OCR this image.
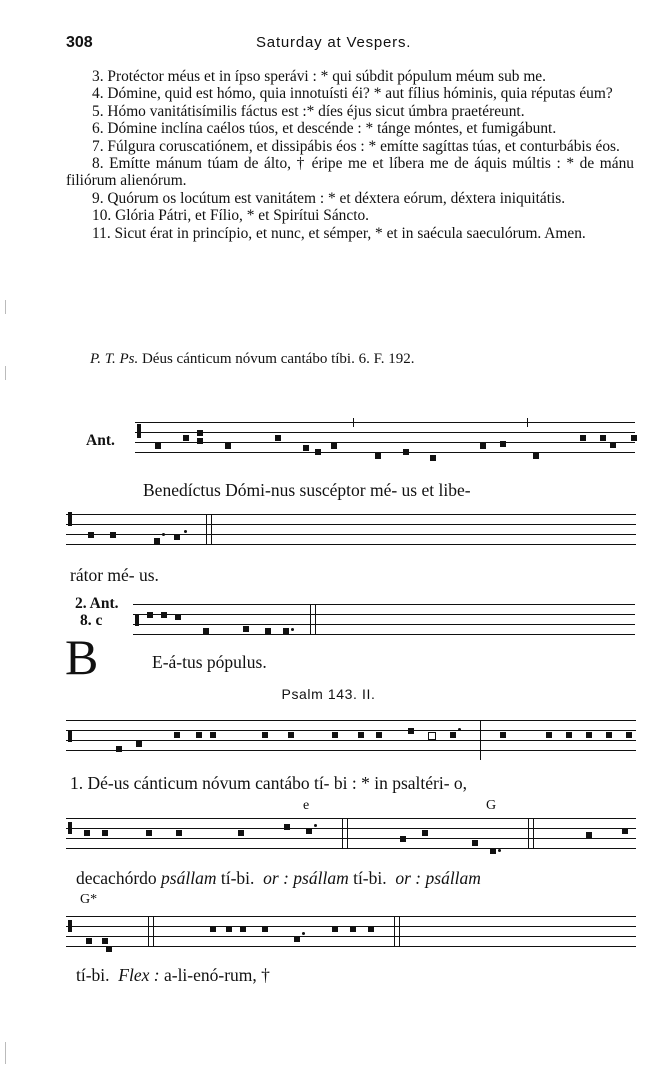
308	Saturday at Vespers.
3. Protéctor méus et in ípso sperávi : * qui súbdit pópulum méum sub me.
4. Dómine, quid est hómo, quia innotuísti éi? * aut fílius hóminis, quia réputas éum?
5. Hómo vanitátisímilis fáctus est :* díes éjus sicut úmbra praetéreunt.
6. Dómine inclína caélos túos, et descénde : * tánge móntes, et fumigábunt.
7. Fúlgura coruscatiónem, et dissipábis éos : * emítte sagíttas túas, et conturbábis éos.
8. Emítte mánum túam de álto, † éripe me et líbera me de áquis múltis : * de mánu filiórum alienórum.
9. Quórum os locútum est vanitátem : * et déxtera eórum, déxtera iniquitátis.
10. Glória Pátri, et Fílio, * et Spirítui Sáncto.
11. Sicut érat in princípio, et nunc, et sémper, * et in saécula saeculórum. Amen.
P. T. Ps. Déus cánticum nóvum cantábo tíbi. 6. F. 192.
Ant.
Benedíctus Dómi-nus suscéptor mé- us et libe-
rátor mé- us.
2. Ant.
8. c
B	E-á-tus pópulus.
Psalm 143. II.
1. Dé-us cánticum nóvum cantábo tí- bi : * in psaltéri- o,
e	G
decachórdo psállam tí-bi. or : psállam tí-bi. or : psállam
G*
tí-bi. Flex : a-li-enó-rum, †
